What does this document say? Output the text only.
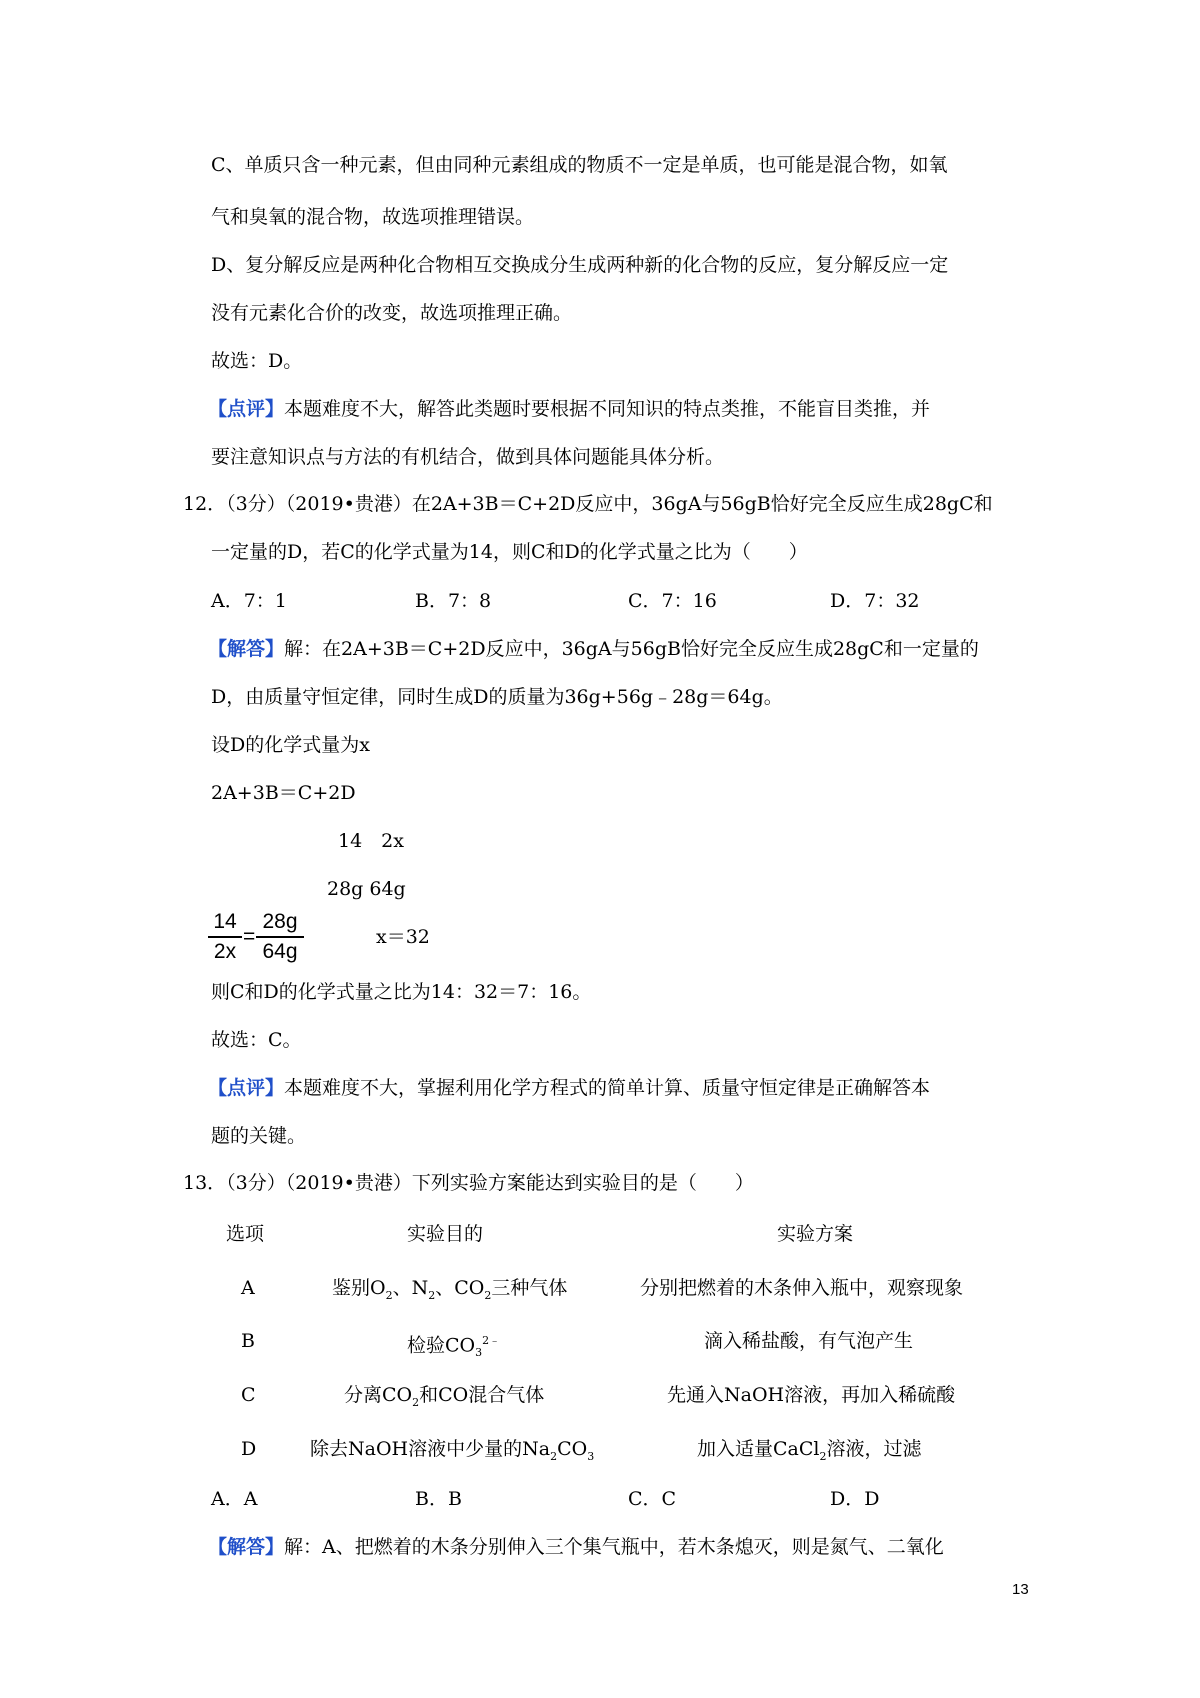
C、单质只含一种元素，但由同种元素组成的物质不一定是单质，也可能是混合物，如氧
气和臭氧的混合物，故选项推理错误。
D、复分解反应是两种化合物相互交换成分生成两种新的化合物的反应，复分解反应一定
没有元素化合价的改变，故选项推理正确。
故选：D。
【点评】本题难度不大，解答此类题时要根据不同知识的特点类推，不能盲目类推，并
要注意知识点与方法的有机结合，做到具体问题能具体分析。
12．（3分）（2019•贵港）在2A+3B＝C+2D反应中，36gA与56gB恰好完全反应生成28gC和
一定量的D，若C的化学式量为14，则C和D的化学式量之比为（　　）
A．7：1	B．7：8	C．7：16	D．7：32
【解答】解：在2A+3B＝C+2D反应中，36gA与56gB恰好完全反应生成28gC和一定量的
D，由质量守恒定律，同时生成D的质量为36g+56g﹣28g＝64g。
设D的化学式量为x
2A+3B＝C+2D
14　2x
28g 64g
14
2x
=
28g
64g
x＝32
则C和D的化学式量之比为14：32＝7：16。
故选：C。
【点评】本题难度不大，掌握利用化学方程式的简单计算、质量守恒定律是正确解答本
题的关键。
13．（3分）（2019•贵港）下列实验方案能达到实验目的是（　　）
选项	实验目的	实验方案
A	鉴别$O_2$、$N_2$、$CO_2$三种气体	分别把燃着的木条伸入瓶中，观察现象
B	检验$CO_3^{2﹣}$	滴入稀盐酸，有气泡产生
C	分离$CO_2$和CO混合气体	先通入NaOH溶液，再加入稀硫酸
D	除去NaOH溶液中少量的$Na_2CO_3$	加入适量CaCl$_2$溶液，过滤
A．A	B．B	C．C	D．D
【解答】解：A、把燃着的木条分别伸入三个集气瓶中，若木条熄灭，则是氮气、二氧化
13
